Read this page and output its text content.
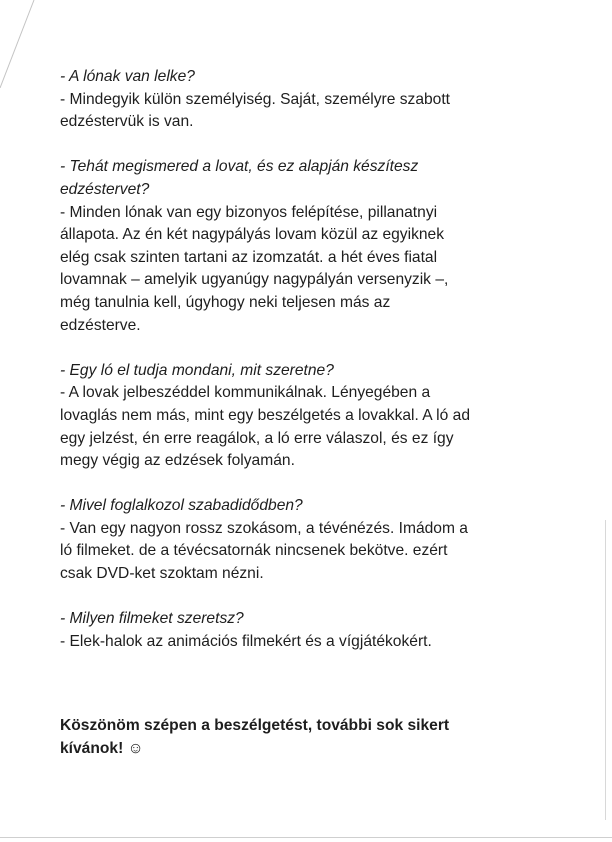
- A lónak van lelke?
- Mindegyik külön személyiség. Saját, személyre szabott
edzéstervük is van.
- Tehát megismered a lovat, és ez alapján készítesz
edzéstervet?
- Minden lónak van egy bizonyos felépítése, pillanatnyi
állapota. Az én két nagypályás lovam közül az egyiknek
elég csak szinten tartani az izomzatát. a hét éves fiatal
lovamnak – amelyik ugyanúgy nagypályán versenyzik –,
még tanulnia kell, úgyhogy neki teljesen más az
edzésterve.
- Egy ló el tudja mondani, mit szeretne?
- A lovak jelbeszéddel kommunikálnak. Lényegében a
lovaglás nem más, mint egy beszélgetés a lovakkal. A ló ad
egy jelzést, én erre reagálok, a ló erre válaszol, és ez így
megy végig az edzések folyamán.
- Mivel foglalkozol szabadidődben?
- Van egy nagyon rossz szokásom, a tévénézés. Imádom a
ló filmeket. de a tévécsatornák nincsenek bekötve. ezért
csak DVD-ket szoktam nézni.
- Milyen filmeket szeretsz?
- Elek-halok az animációs filmekért és a vígjátékokért.
Köszönöm szépen a beszélgetést, további sok sikert
kívánok! ☺
